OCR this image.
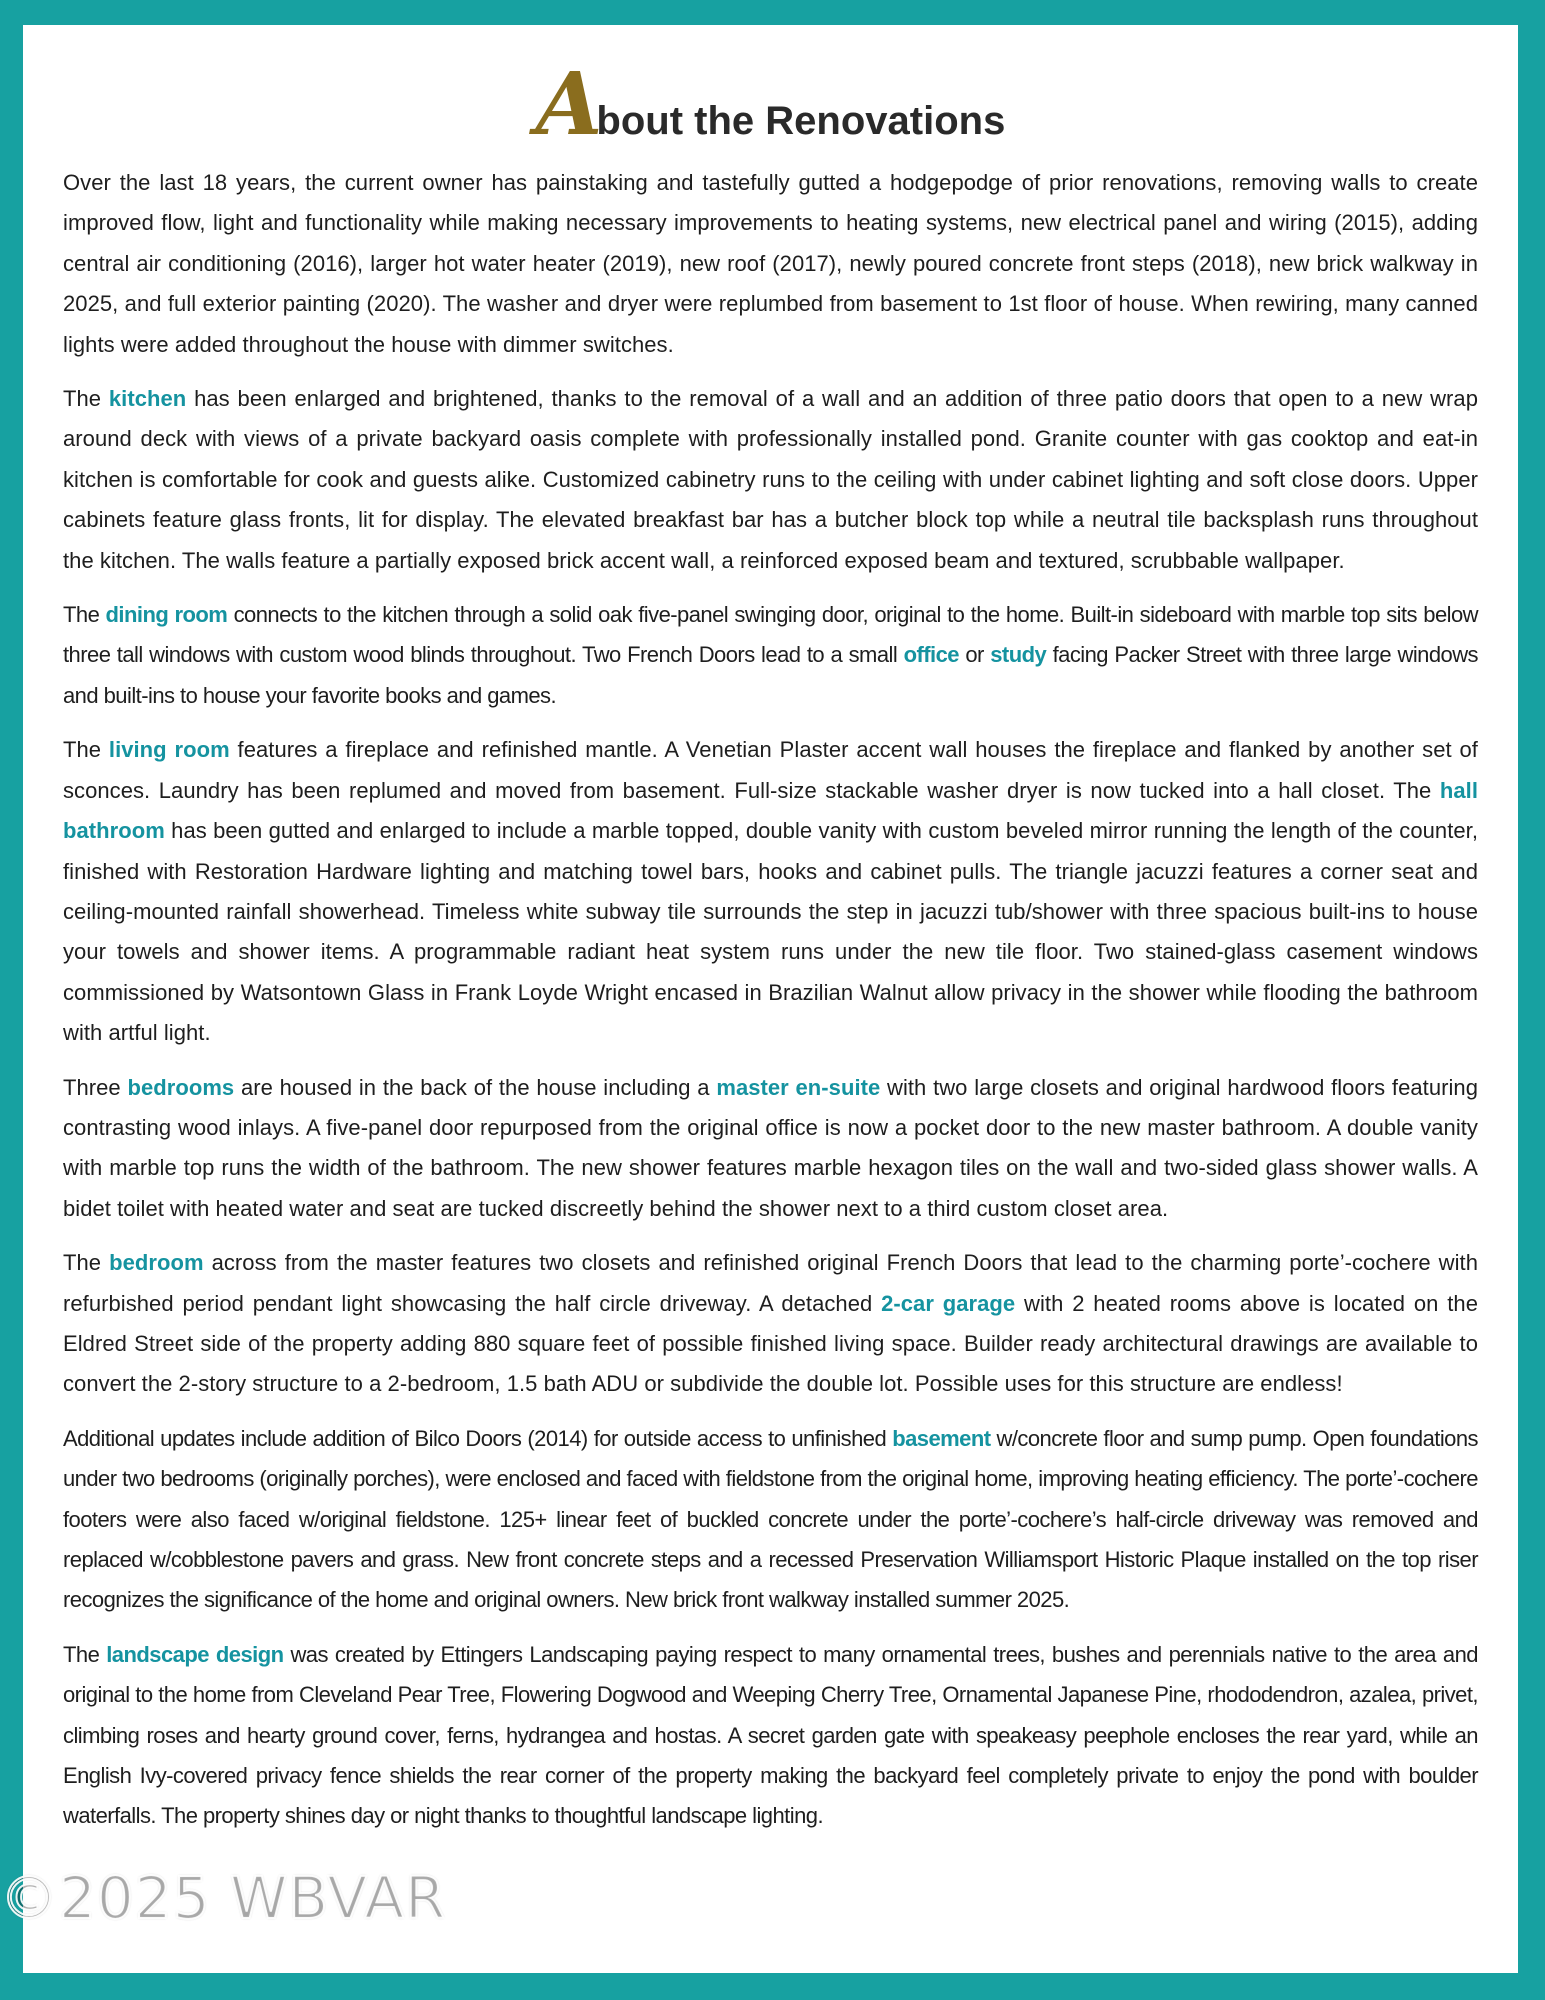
About the Renovations

Over the last 18 years, the current owner has painstaking and tastefully gutted a hodgepodge of prior renovations, removing walls to create improved flow, light and functionality while making necessary improvements to heating systems, new electrical panel and wiring (2015), adding central air conditioning (2016), larger hot water heater (2019), new roof (2017), newly poured concrete front steps (2018), new brick walkway in 2025, and full exterior painting (2020). The washer and dryer were replumbed from basement to 1st floor of house. When rewiring, many canned lights were added throughout the house with dimmer switches.

The kitchen has been enlarged and brightened, thanks to the removal of a wall and an addition of three patio doors that open to a new wrap around deck with views of a private backyard oasis complete with professionally installed pond. Granite counter with gas cooktop and eat-in kitchen is comfortable for cook and guests alike. Customized cabinetry runs to the ceiling with under cabinet lighting and soft close doors. Upper cabinets feature glass fronts, lit for display. The elevated breakfast bar has a butcher block top while a neutral tile backsplash runs throughout the kitchen. The walls feature a partially exposed brick accent wall, a reinforced exposed beam and textured, scrubbable wallpaper.

The dining room connects to the kitchen through a solid oak five-panel swinging door, original to the home. Built-in sideboard with marble top sits below three tall windows with custom wood blinds throughout. Two French Doors lead to a small office or study facing Packer Street with three large windows and built-ins to house your favorite books and games.

The living room features a fireplace and refinished mantle. A Venetian Plaster accent wall houses the fireplace and flanked by another set of sconces. Laundry has been replumed and moved from basement. Full-size stackable washer dryer is now tucked into a hall closet. The hall bathroom has been gutted and enlarged to include a marble topped, double vanity with custom beveled mirror running the length of the counter, finished with Restoration Hardware lighting and matching towel bars, hooks and cabinet pulls. The triangle jacuzzi features a corner seat and ceiling-mounted rainfall showerhead. Timeless white subway tile surrounds the step in jacuzzi tub/shower with three spacious built-ins to house your towels and shower items. A programmable radiant heat system runs under the new tile floor. Two stained-glass casement windows commissioned by Watsontown Glass in Frank Loyde Wright encased in Brazilian Walnut allow privacy in the shower while flooding the bathroom with artful light.

Three bedrooms are housed in the back of the house including a master en-suite with two large closets and original hardwood floors featuring contrasting wood inlays. A five-panel door repurposed from the original office is now a pocket door to the new master bathroom. A double vanity with marble top runs the width of the bathroom. The new shower features marble hexagon tiles on the wall and two-sided glass shower walls. A bidet toilet with heated water and seat are tucked discreetly behind the shower next to a third custom closet area.

The bedroom across from the master features two closets and refinished original French Doors that lead to the charming porte’-cochere with refurbished period pendant light showcasing the half circle driveway. A detached 2-car garage with 2 heated rooms above is located on the Eldred Street side of the property adding 880 square feet of possible finished living space. Builder ready architectural drawings are available to convert the 2-story structure to a 2-bedroom, 1.5 bath ADU or subdivide the double lot. Possible uses for this structure are endless!

Additional updates include addition of Bilco Doors (2014) for outside access to unfinished basement w/concrete floor and sump pump. Open foundations under two bedrooms (originally porches), were enclosed and faced with fieldstone from the original home, improving heating efficiency. The porte’-cochere footers were also faced w/original fieldstone. 125+ linear feet of buckled concrete under the porte’-cochere’s half-circle driveway was removed and replaced w/cobblestone pavers and grass. New front concrete steps and a recessed Preservation Williamsport Historic Plaque installed on the top riser recognizes the significance of the home and original owners. New brick front walkway installed summer 2025.

The landscape design was created by Ettingers Landscaping paying respect to many ornamental trees, bushes and perennials native to the area and original to the home from Cleveland Pear Tree, Flowering Dogwood and Weeping Cherry Tree, Ornamental Japanese Pine, rhododendron, azalea, privet, climbing roses and hearty ground cover, ferns, hydrangea and hostas. A secret garden gate with speakeasy peephole encloses the rear yard, while an English Ivy-covered privacy fence shields the rear corner of the property making the backyard feel completely private to enjoy the pond with boulder waterfalls. The property shines day or night thanks to thoughtful landscape lighting.

©2025 WBVAR
